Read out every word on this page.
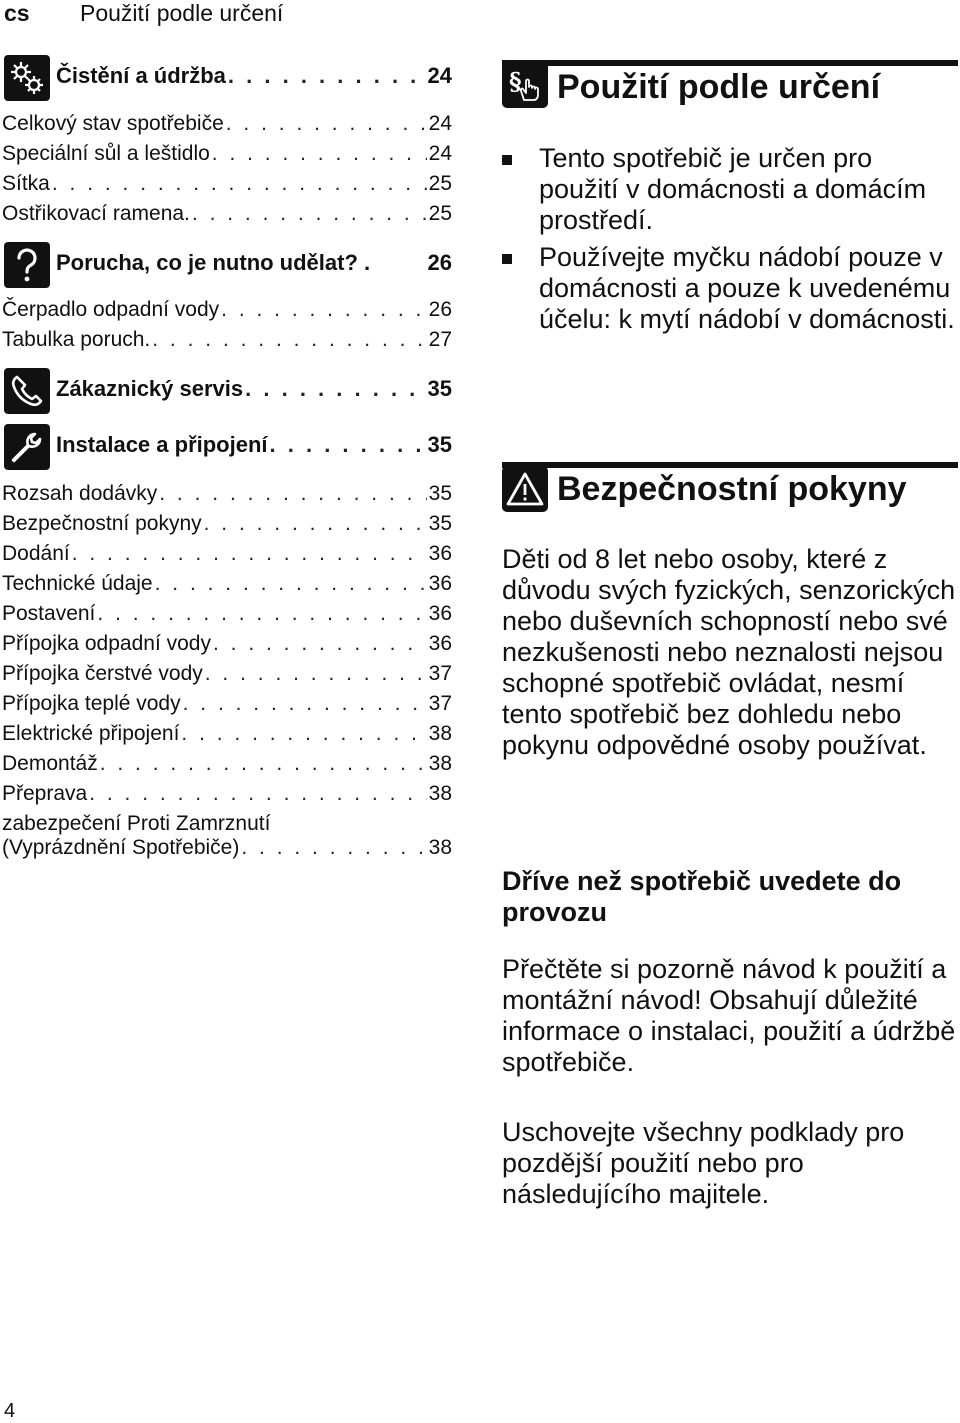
cs Použití podle určení
Čistění a údržba . . .	24
Celkový stav spotřebiče . . .	24
Speciální sůl a leštidlo . . .	24
Sítka . . .	25
Ostřikovací ramena. . . .	25
Porucha, co je nutno udělat? .	26
Čerpadlo odpadní vody . . .	26
Tabulka poruch. . . .	27
Zákaznický servis . . .	35
Instalace a připojení . . .	35
Rozsah dodávky . . .	35
Bezpečnostní pokyny . . .	35
Dodání . . .	36
Technické údaje . . .	36
Postavení . . .	36
Přípojka odpadní vody . . .	36
Přípojka čerstvé vody . . .	37
Přípojka teplé vody . . .	37
Elektrické připojení . . .	38
Demontáž . . .	38
Přeprava . . .	38
zabezpečení Proti Zamrznutí
(Vyprázdnění Spotřebiče) . . .	38
§ Použití podle určení
Tento spotřebič je určen pro použití v domácnosti a domácím prostředí.
Používejte myčku nádobí pouze v domácnosti a pouze k uvedenému účelu: k mytí nádobí v domácnosti.
Bezpečnostní pokyny
Děti od 8 let nebo osoby, které z důvodu svých fyzických, senzorických nebo duševních schopností nebo své nezkušenosti nebo neznalosti nejsou schopné spotřebič ovládat, nesmí tento spotřebič bez dohledu nebo pokynu odpovědné osoby používat.
Dříve než spotřebič uvedete do provozu
Přečtěte si pozorně návod k použití a montážní návod! Obsahují důležité informace o instalaci, použití a údržbě spotřebiče.
Uschovejte všechny podklady pro pozdější použití nebo pro následujícího majitele.
4
